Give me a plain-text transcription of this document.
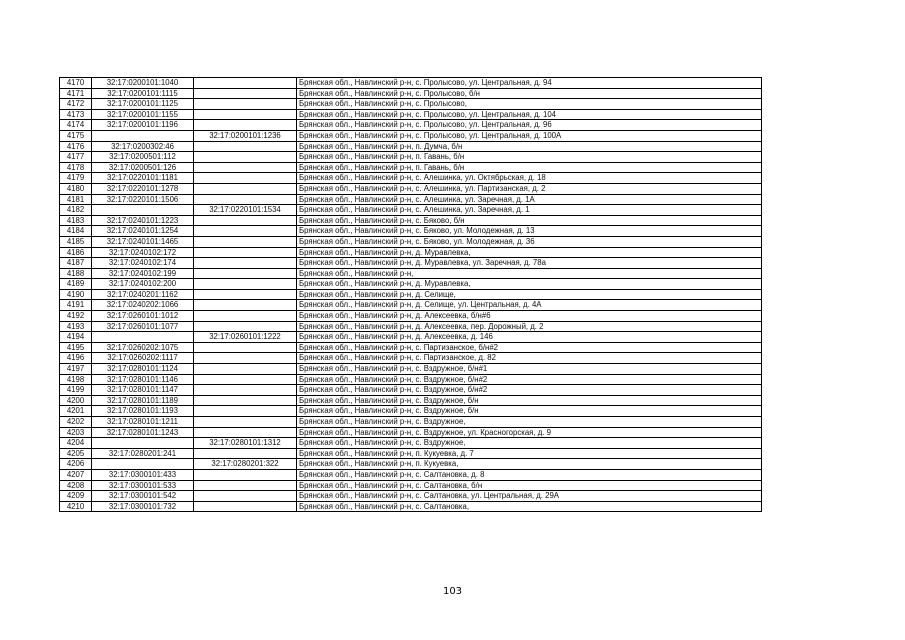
4170	32:17:0200101:1040		Брянская обл., Навлинский р-н, с. Пролысово, ул. Центральная, д. 94
4171	32:17:0200101:1115		Брянская обл., Навлинский р-н, с. Пролысово, б/н
4172	32:17:0200101:1125		Брянская обл., Навлинский р-н, с. Пролысово,
4173	32:17:0200101:1155		Брянская обл., Навлинский р-н, с. Пролысово, ул. Центральная, д. 104
4174	32:17:0200101:1196		Брянская обл., Навлинский р-н, с. Пролысово, ул. Центральная, д. 96
4175		32:17:0200101:1236	Брянская обл., Навлинский р-н, с. Пролысово, ул. Центральная, д. 100А
4176	32:17:0200302:46		Брянская обл., Навлинский р-н, п. Думча, б/н
4177	32:17:0200501:112		Брянская обл., Навлинский р-н, п. Гавань, б/н
4178	32:17:0200501:126		Брянская обл., Навлинский р-н, п. Гавань, б/н
4179	32:17:0220101:1181		Брянская обл., Навлинский р-н, с. Алешинка, ул. Октябрьская, д. 18
4180	32:17:0220101:1278		Брянская обл., Навлинский р-н, с. Алешинка, ул. Партизанская, д. 2
4181	32:17:0220101:1506		Брянская обл., Навлинский р-н, с. Алешинка, ул. Заречная, д. 1А
4182		32:17:0220101:1534	Брянская обл., Навлинский р-н, с. Алешинка, ул. Заречная, д. 1
4183	32:17:0240101:1223		Брянская обл., Навлинский р-н, с. Бяково, б/н
4184	32:17:0240101:1254		Брянская обл., Навлинский р-н, с. Бяково, ул. Молодежная, д. 13
4185	32:17:0240101:1465		Брянская обл., Навлинский р-н, с. Бяково, ул. Молодежная, д. 36
4186	32:17:0240102:172		Брянская обл., Навлинский р-н, д. Муравлевка,
4187	32:17:0240102:174		Брянская обл., Навлинский р-н, д. Муравлевка, ул. Заречная, д. 78а
4188	32:17:0240102:199		Брянская обл., Навлинский р-н,
4189	32:17:0240102:200		Брянская обл., Навлинский р-н, д. Муравлевка,
4190	32:17:0240201:1162		Брянская обл., Навлинский р-н, д. Селище,
4191	32:17:0240202:1066		Брянская обл., Навлинский р-н, д. Селище, ул. Центральная, д. 4А
4192	32:17:0260101:1012		Брянская обл., Навлинский р-н, д. Алексеевка, б/н#6
4193	32:17:0260101:1077		Брянская обл., Навлинский р-н, д. Алексеевка, пер. Дорожный, д. 2
4194		32:17:0260101:1222	Брянская обл., Навлинский р-н, д. Алексеевка, д. 146
4195	32:17:0260202:1075		Брянская обл., Навлинский р-н, с. Партизанское, б/н#2
4196	32:17:0260202:1117		Брянская обл., Навлинский р-н, с. Партизанское, д. 82
4197	32:17:0280101:1124		Брянская обл., Навлинский р-н, с. Вздружное, б/н#1
4198	32:17:0280101:1146		Брянская обл., Навлинский р-н, с. Вздружное, б/н#2
4199	32:17:0280101:1147		Брянская обл., Навлинский р-н, с. Вздружное, б/н#2
4200	32:17:0280101:1189		Брянская обл., Навлинский р-н, с. Вздружное, б/н
4201	32:17:0280101:1193		Брянская обл., Навлинский р-н, с. Вздружное, б/н
4202	32:17:0280101:1211		Брянская обл., Навлинский р-н, с. Вздружное,
4203	32:17:0280101:1243		Брянская обл., Навлинский р-н, с. Вздружное, ул. Красногорская, д. 9
4204		32:17:0280101:1312	Брянская обл., Навлинский р-н, с. Вздружное,
4205	32:17:0280201:241		Брянская обл., Навлинский р-н, п. Кукуевка, д. 7
4206		32:17:0280201:322	Брянская обл., Навлинский р-н, п. Кукуевка,
4207	32:17:0300101:433		Брянская обл., Навлинский р-н, с. Салтановка, д. 8
4208	32:17:0300101:533		Брянская обл., Навлинский р-н, с. Салтановка, б/н
4209	32:17:0300101:542		Брянская обл., Навлинский р-н, с. Салтановка, ул. Центральная, д. 29А
4210	32:17:0300101:732		Брянская обл., Навлинский р-н, с. Салтановка,
103
